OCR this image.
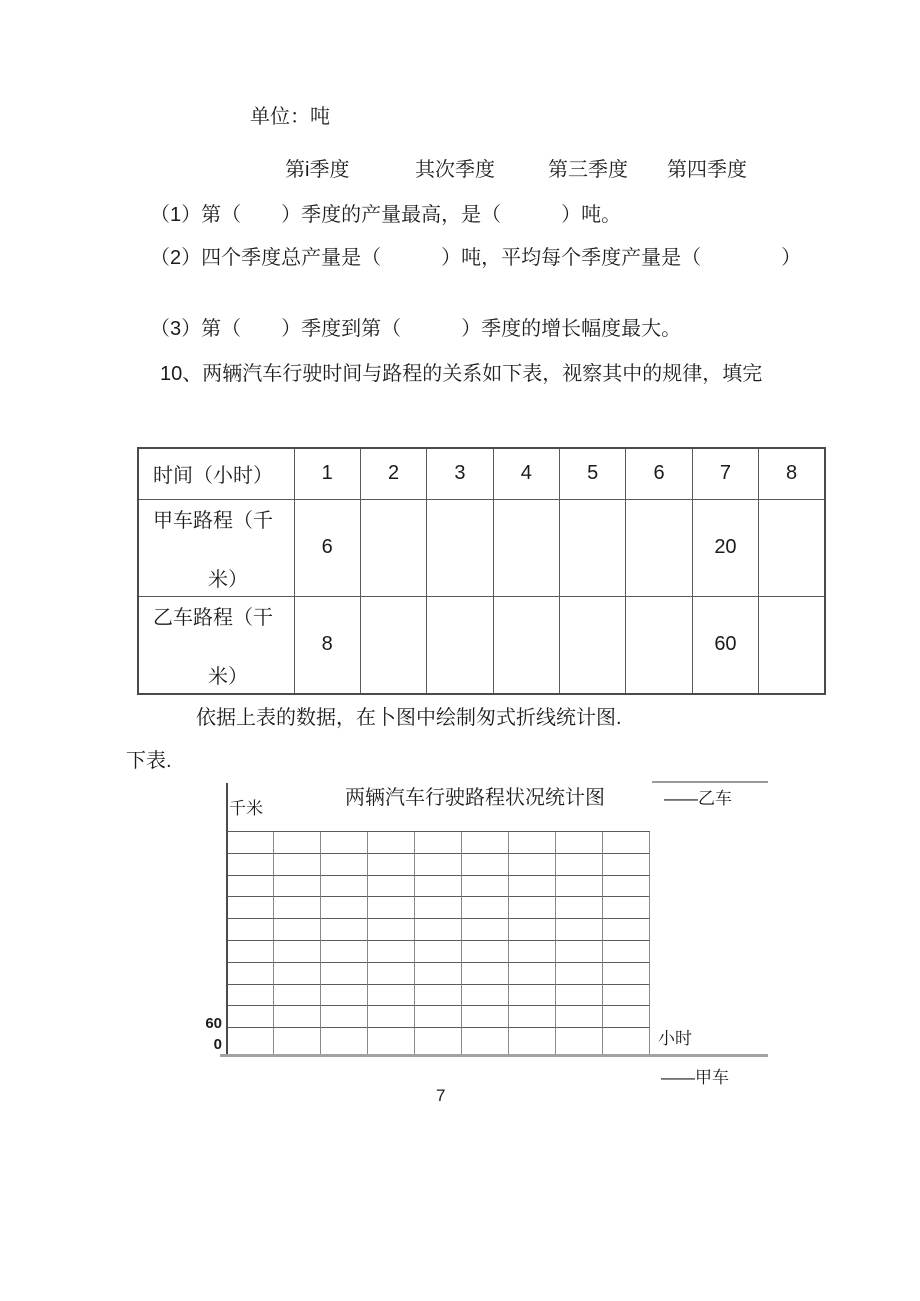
单位：吨
第i季度	其次季度	第三季度 第四季度
（1）第（　　）季度的产量最高，是（　　　）吨。
（2）四个季度总产量是（　　　）吨，平均每个季度产量是（　　　　）
（3）第（　　）季度到第（　　　）季度的增长幅度最大。
10、两辆汽车行驶时间与路程的关系如下表，视察其中的规律，填完
时间（小时）	1	2	3	4	5	6	7	8

甲车路程（千
米）	6						20	

乙车路程（干
米）	8						60	
依据上表的数据，在卜图中绘制匆式折线统计图.
下表.
两辆汽车行驶路程状况统计图	——乙车
千米
60
0	小时
——甲车
7
